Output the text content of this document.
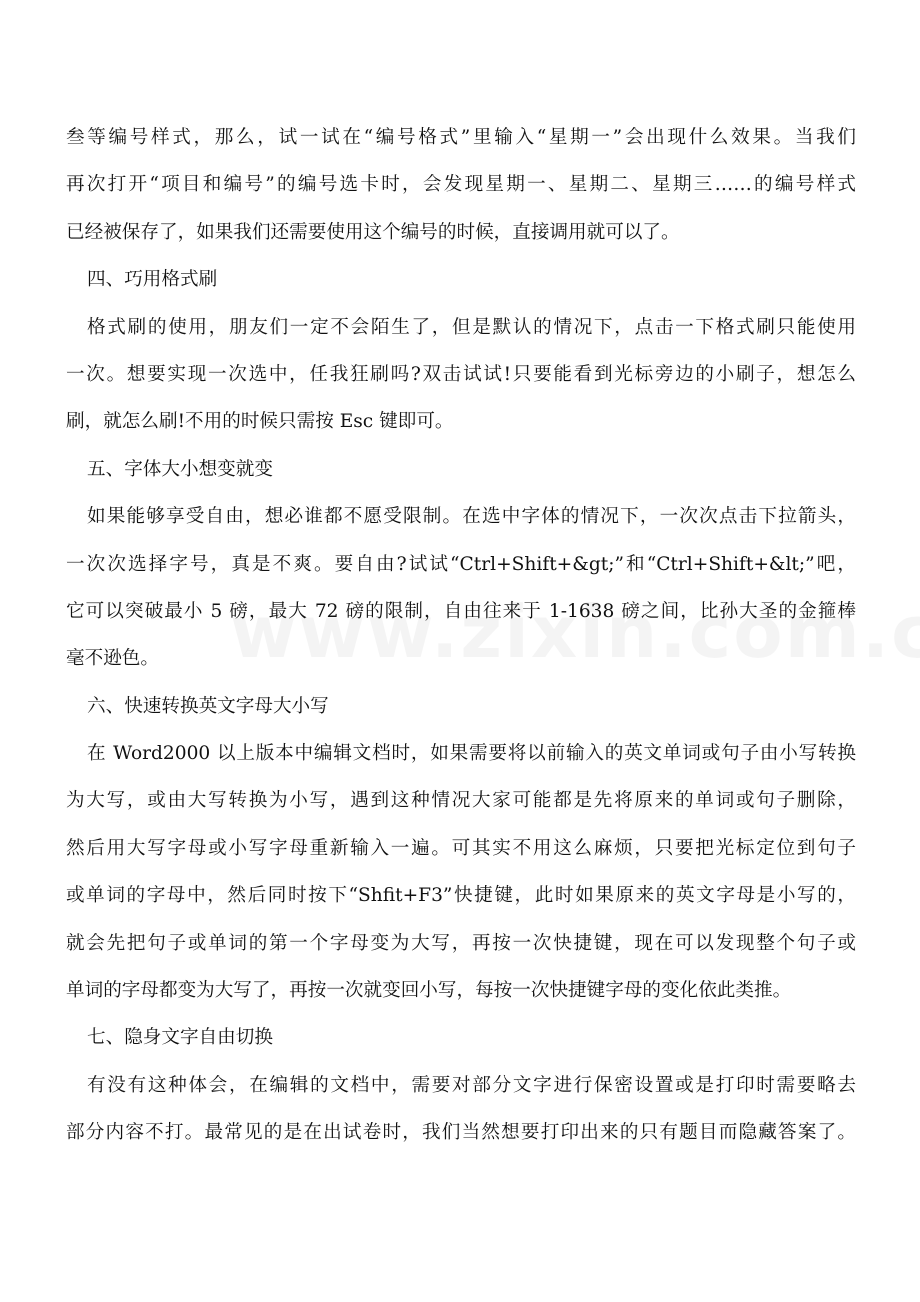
叁等编号样式，那么，试一试在“编号格式”里输入“星期一”会出现什么效果。当我们
再次打开“项目和编号”的编号选卡时，会发现星期一、星期二、星期三……的编号样式
已经被保存了，如果我们还需要使用这个编号的时候，直接调用就可以了。
四、巧用格式刷
格式刷的使用，朋友们一定不会陌生了，但是默认的情况下，点击一下格式刷只能使用
一次。想要实现一次选中，任我狂刷吗?双击试试!只要能看到光标旁边的小刷子，想怎么
刷，就怎么刷!不用的时候只需按 Esc 键即可。
五、字体大小想变就变
如果能够享受自由，想必谁都不愿受限制。在选中字体的情况下，一次次点击下拉箭头，
一次次选择字号，真是不爽。要自由?试试“Ctrl+Shift+&gt;”和“Ctrl+Shift+&lt;”吧，
它可以突破最小 5 磅，最大 72 磅的限制，自由往来于 1-1638 磅之间，比孙大圣的金箍棒
毫不逊色。
六、快速转换英文字母大小写
在 Word2000 以上版本中编辑文档时，如果需要将以前输入的英文单词或句子由小写转换
为大写，或由大写转换为小写，遇到这种情况大家可能都是先将原来的单词或句子删除，
然后用大写字母或小写字母重新输入一遍。可其实不用这么麻烦，只要把光标定位到句子
或单词的字母中，然后同时按下“Shfit+F3”快捷键，此时如果原来的英文字母是小写的，
就会先把句子或单词的第一个字母变为大写，再按一次快捷键，现在可以发现整个句子或
单词的字母都变为大写了，再按一次就变回小写，每按一次快捷键字母的变化依此类推。
七、隐身文字自由切换
有没有这种体会，在编辑的文档中，需要对部分文字进行保密设置或是打印时需要略去
部分内容不打。最常见的是在出试卷时，我们当然想要打印出来的只有题目而隐藏答案了。
